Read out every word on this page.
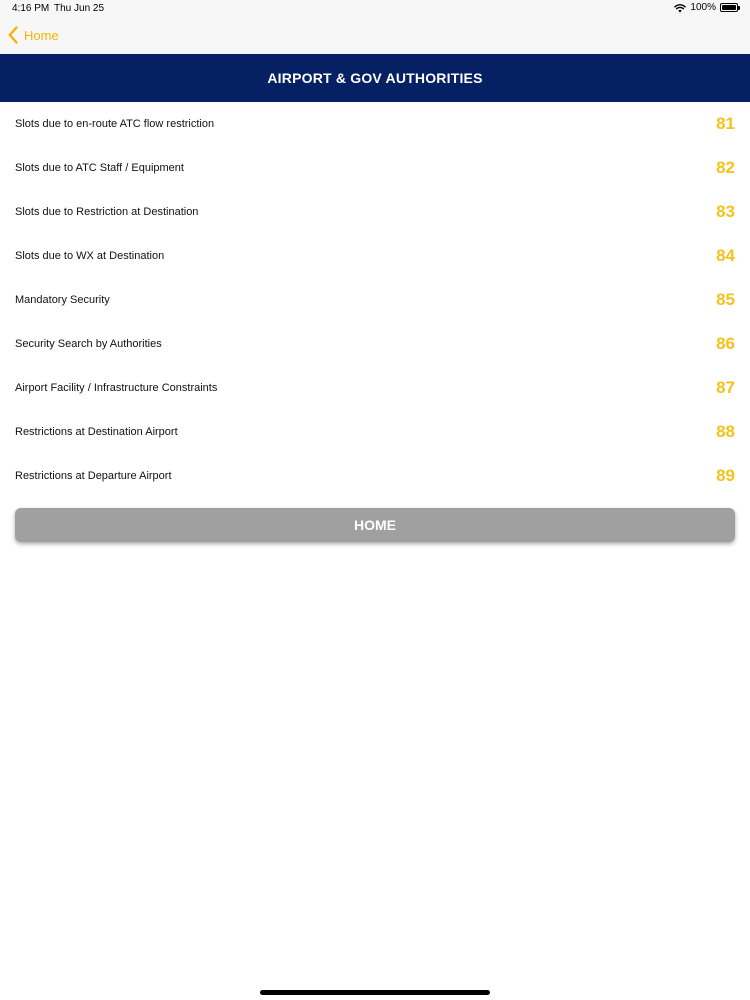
4:16 PM Thu Jun 25	100%
Home
AIRPORT & GOV AUTHORITIES
Slots due to en-route ATC flow restriction	81
Slots due to ATC Staff / Equipment	82
Slots due to Restriction at Destination	83
Slots due to WX at Destination	84
Mandatory Security	85
Security Search by Authorities	86
Airport Facility / Infrastructure Constraints	87
Restrictions at Destination Airport	88
Restrictions at Departure Airport	89
HOME
